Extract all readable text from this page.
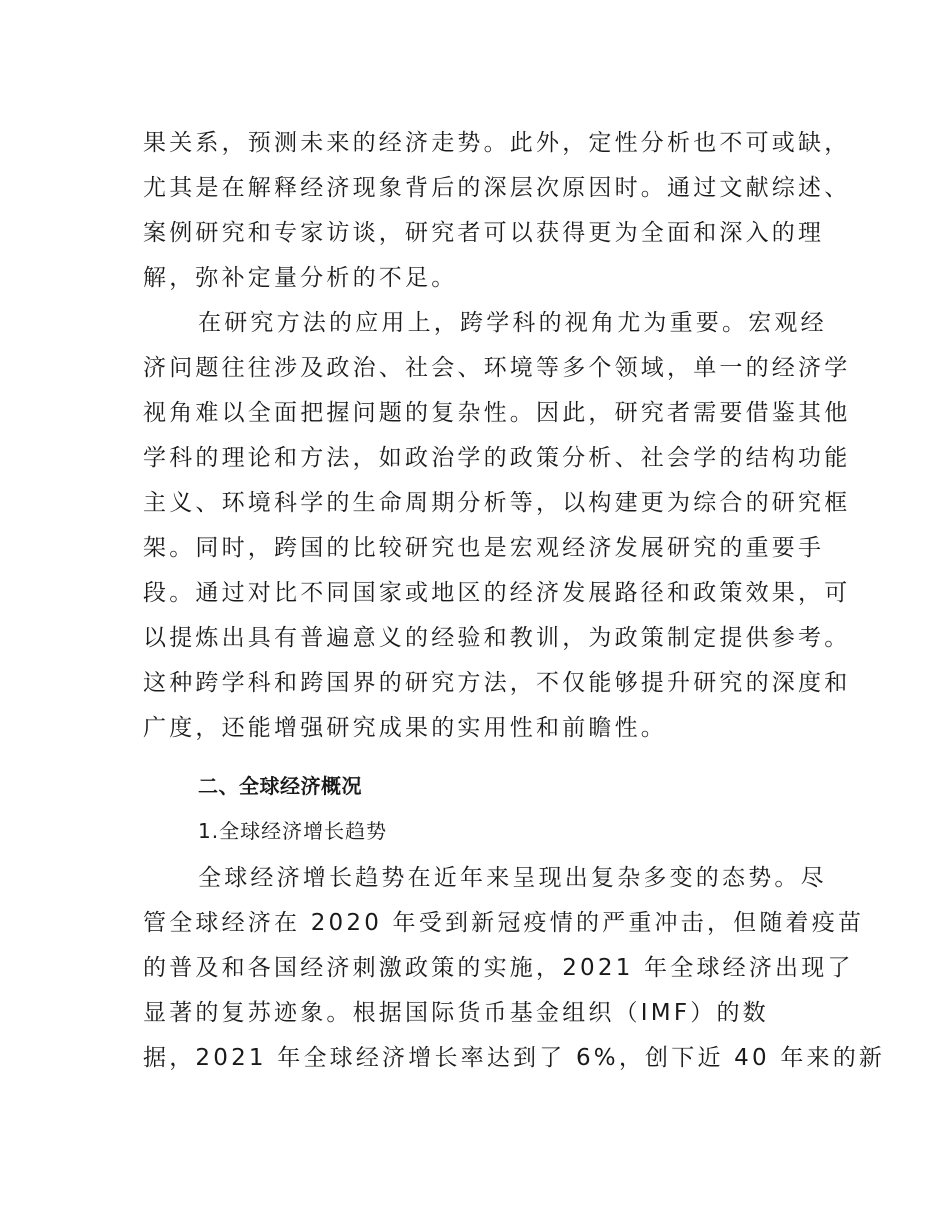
果关系，预测未来的经济走势。此外，定性分析也不可或缺，
尤其是在解释经济现象背后的深层次原因时。通过文献综述、
案例研究和专家访谈，研究者可以获得更为全面和深入的理
解，弥补定量分析的不足。
在研究方法的应用上，跨学科的视角尤为重要。宏观经
济问题往往涉及政治、社会、环境等多个领域，单一的经济学
视角难以全面把握问题的复杂性。因此，研究者需要借鉴其他
学科的理论和方法，如政治学的政策分析、社会学的结构功能
主义、环境科学的生命周期分析等，以构建更为综合的研究框
架。同时，跨国的比较研究也是宏观经济发展研究的重要手
段。通过对比不同国家或地区的经济发展路径和政策效果，可
以提炼出具有普遍意义的经验和教训，为政策制定提供参考。
这种跨学科和跨国界的研究方法，不仅能够提升研究的深度和
广度，还能增强研究成果的实用性和前瞻性。
二、全球经济概况
1.全球经济增长趋势
全球经济增长趋势在近年来呈现出复杂多变的态势。尽
管全球经济在 2020 年受到新冠疫情的严重冲击，但随着疫苗
的普及和各国经济刺激政策的实施，2021 年全球经济出现了
显著的复苏迹象。根据国际货币基金组织（IMF）的数
据，2021 年全球经济增长率达到了 6%，创下近 40 年来的新
